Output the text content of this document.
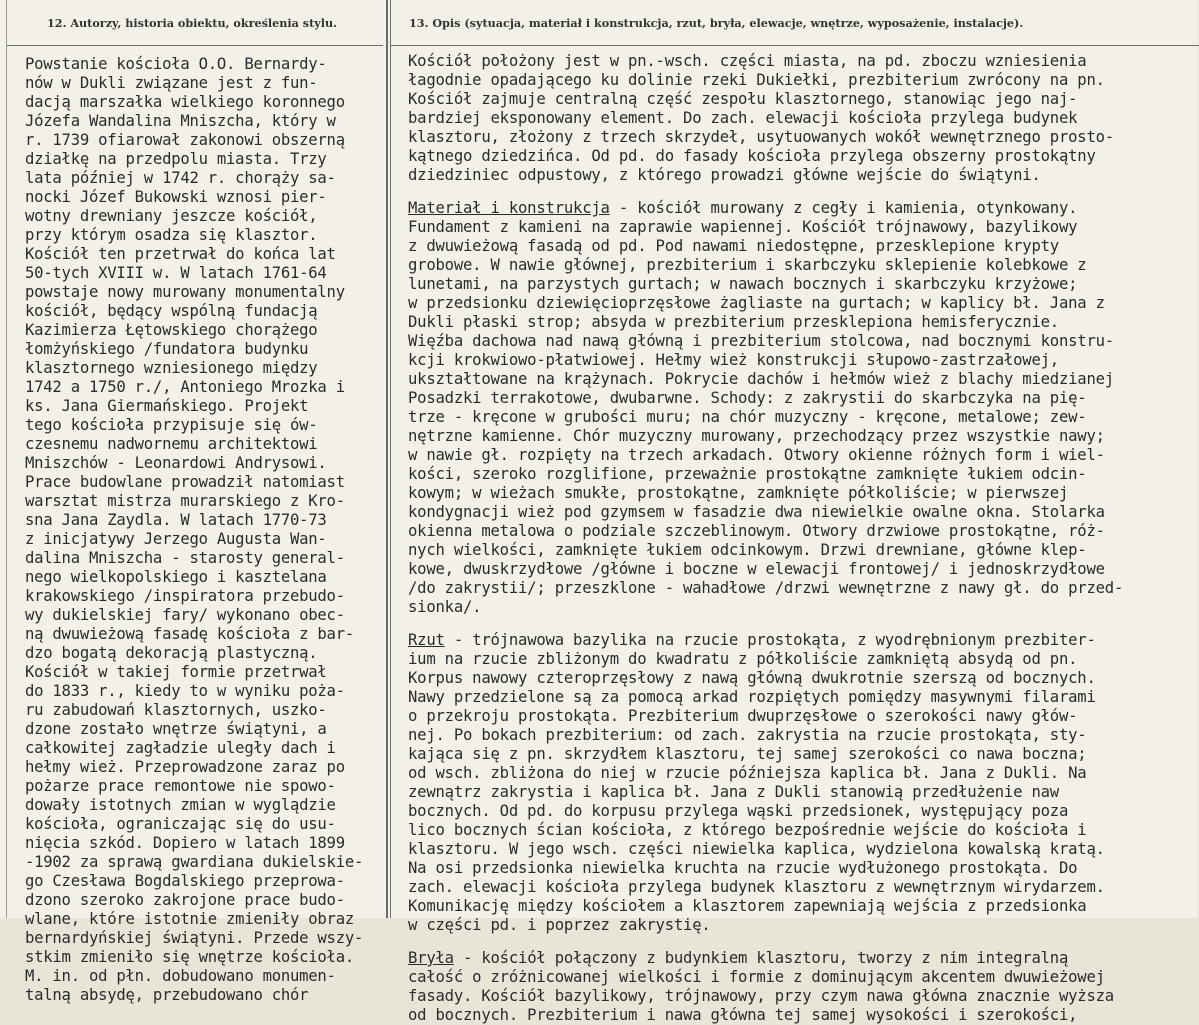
12. Autorzy, historia obiektu, określenia stylu.
Powstanie kościoła O.O. Bernardy-
nów w Dukli związane jest z fun-
dacją marszałka wielkiego koronnego
Józefa Wandalina Mniszcha, który w
r. 1739 ofiarował zakonowi obszerną
działkę na przedpolu miasta. Trzy
lata później w 1742 r. chorąży sa-
nocki Józef Bukowski wznosi pier-
wotny drewniany jeszcze kościół,
przy którym osadza się klasztor.
Kościół ten przetrwał do końca lat
50-tych XVIII w. W latach 1761-64
powstaje nowy murowany monumentalny
kościół, będący wspólną fundacją
Kazimierza Łętowskiego chorążego
łomżyńskiego /fundatora budynku
klasztornego wzniesionego między
1742 a 1750 r./, Antoniego Mrozka i
ks. Jana Giermańskiego. Projekt
tego kościoła przypisuje się ów-
czesnemu nadwornemu architektowi
Mniszchów - Leonardowi Andrysowi.
Prace budowlane prowadził natomiast
warsztat mistrza murarskiego z Kro-
sna Jana Zaydla. W latach 1770-73
z inicjatywy Jerzego Augusta Wan-
dalina Mniszcha - starosty general-
nego wielkopolskiego i kasztelana
krakowskiego /inspiratora przebudo-
wy dukielskiej fary/ wykonano obec-
ną dwuwieżową fasadę kościoła z bar-
dzo bogatą dekoracją plastyczną.
Kościół w takiej formie przetrwał
do 1833 r., kiedy to w wyniku poża-
ru zabudowań klasztornych, uszko-
dzone zostało wnętrze świątyni, a
całkowitej zagładzie uległy dach i
hełmy wież. Przeprowadzone zaraz po
pożarze prace remontowe nie spowo-
dowały istotnych zmian w wyglądzie
kościoła, ograniczając się do usu-
nięcia szkód. Dopiero w latach 1899
-1902 za sprawą gwardiana dukielskie-
go Czesława Bogdalskiego przeprowa-
dzono szeroko zakrojone prace budo-
wlane, które istotnie zmieniły obraz
bernardyńskiej świątyni. Przede wszy-
stkim zmieniło się wnętrze kościoła.
M. in. od płn. dobudowano monumen-
talną absydę, przebudowano chór
13. Opis (sytuacja, materiał i konstrukcja, rzut, bryła, elewacje, wnętrze, wyposażenie, instalacje).
Kościół położony jest w pn.-wsch. części miasta, na pd. zboczu wzniesienia
łagodnie opadającego ku dolinie rzeki Dukiełki, prezbiterium zwrócony na pn.
Kościół zajmuje centralną część zespołu klasztornego, stanowiąc jego naj-
bardziej eksponowany element. Do zach. elewacji kościoła przylega budynek
klasztoru, złożony z trzech skrzydeł, usytuowanych wokół wewnętrznego prosto-
kątnego dziedzińca. Od pd. do fasady kościoła przylega obszerny prostokątny
dziedziniec odpustowy, z którego prowadzi główne wejście do świątyni.
Materiał i konstrukcja - kościół murowany z cegły i kamienia, otynkowany.
Fundament z kamieni na zaprawie wapiennej. Kościół trójnawowy, bazylikowy
z dwuwieżową fasadą od pd. Pod nawami niedostępne, przesklepione krypty
grobowe. W nawie głównej, prezbiterium i skarbczyku sklepienie kolebkowe z
lunetami, na parzystych gurtach; w nawach bocznych i skarbczyku krzyżowe;
w przedsionku dziewięcioprzęsłowe żagliaste na gurtach; w kaplicy bł. Jana z
Dukli płaski strop; absyda w prezbiterium przesklepiona hemisferycznie.
Więźba dachowa nad nawą główną i prezbiterium stolcowa, nad bocznymi konstru-
kcji krokwiowo-płatwiowej. Hełmy wież konstrukcji słupowo-zastrzałowej,
ukształtowane na krążynach. Pokrycie dachów i hełmów wież z blachy miedzianej
Posadzki terrakotowe, dwubarwne. Schody: z zakrystii do skarbczyka na pię-
trze - kręcone w grubości muru; na chór muzyczny - kręcone, metalowe; zew-
nętrzne kamienne. Chór muzyczny murowany, przechodzący przez wszystkie nawy;
w nawie gł. rozpięty na trzech arkadach. Otwory okienne różnych form i wiel-
kości, szeroko rozglifione, przeważnie prostokątne zamknięte łukiem odcin-
kowym; w wieżach smukłe, prostokątne, zamknięte półkoliście; w pierwszej
kondygnacji wież pod gzymsem w fasadzie dwa niewielkie owalne okna. Stolarka
okienna metalowa o podziale szczeblinowym. Otwory drzwiowe prostokątne, róż-
nych wielkości, zamknięte łukiem odcinkowym. Drzwi drewniane, główne klep-
kowe, dwuskrzydłowe /główne i boczne w elewacji frontowej/ i jednoskrzydłowe
/do zakrystii/; przeszklone - wahadłowe /drzwi wewnętrzne z nawy gł. do przed-
sionka/.
Rzut - trójnawowa bazylika na rzucie prostokąta, z wyodrębnionym prezbiter-
ium na rzucie zbliżonym do kwadratu z półkoliście zamkniętą absydą od pn.
Korpus nawowy czteroprzęsłowy z nawą główną dwukrotnie szerszą od bocznych.
Nawy przedzielone są za pomocą arkad rozpiętych pomiędzy masywnymi filarami
o przekroju prostokąta. Prezbiterium dwuprzęsłowe o szerokości nawy głów-
nej. Po bokach prezbiterium: od zach. zakrystia na rzucie prostokąta, sty-
kająca się z pn. skrzydłem klasztoru, tej samej szerokości co nawa boczna;
od wsch. zbliżona do niej w rzucie późniejsza kaplica bł. Jana z Dukli. Na
zewnątrz zakrystia i kaplica bł. Jana z Dukli stanowią przedłużenie naw
bocznych. Od pd. do korpusu przylega wąski przedsionek, występujący poza
lico bocznych ścian kościoła, z którego bezpośrednie wejście do kościoła i
klasztoru. W jego wsch. części niewielka kaplica, wydzielona kowalską kratą.
Na osi przedsionka niewielka kruchta na rzucie wydłużonego prostokąta. Do
zach. elewacji kościoła przylega budynek klasztoru z wewnętrznym wirydarzem.
Komunikację między kościołem a klasztorem zapewniają wejścia z przedsionka
w części pd. i poprzez zakrystię.
Bryła - kościół połączony z budynkiem klasztoru, tworzy z nim integralną
całość o zróżnicowanej wielkości i formie z dominującym akcentem dwuwieżowej
fasady. Kościół bazylikowy, trójnawowy, przy czym nawa główna znacznie wyższa
od bocznych. Prezbiterium i nawa główna tej samej wysokości i szerokości,
